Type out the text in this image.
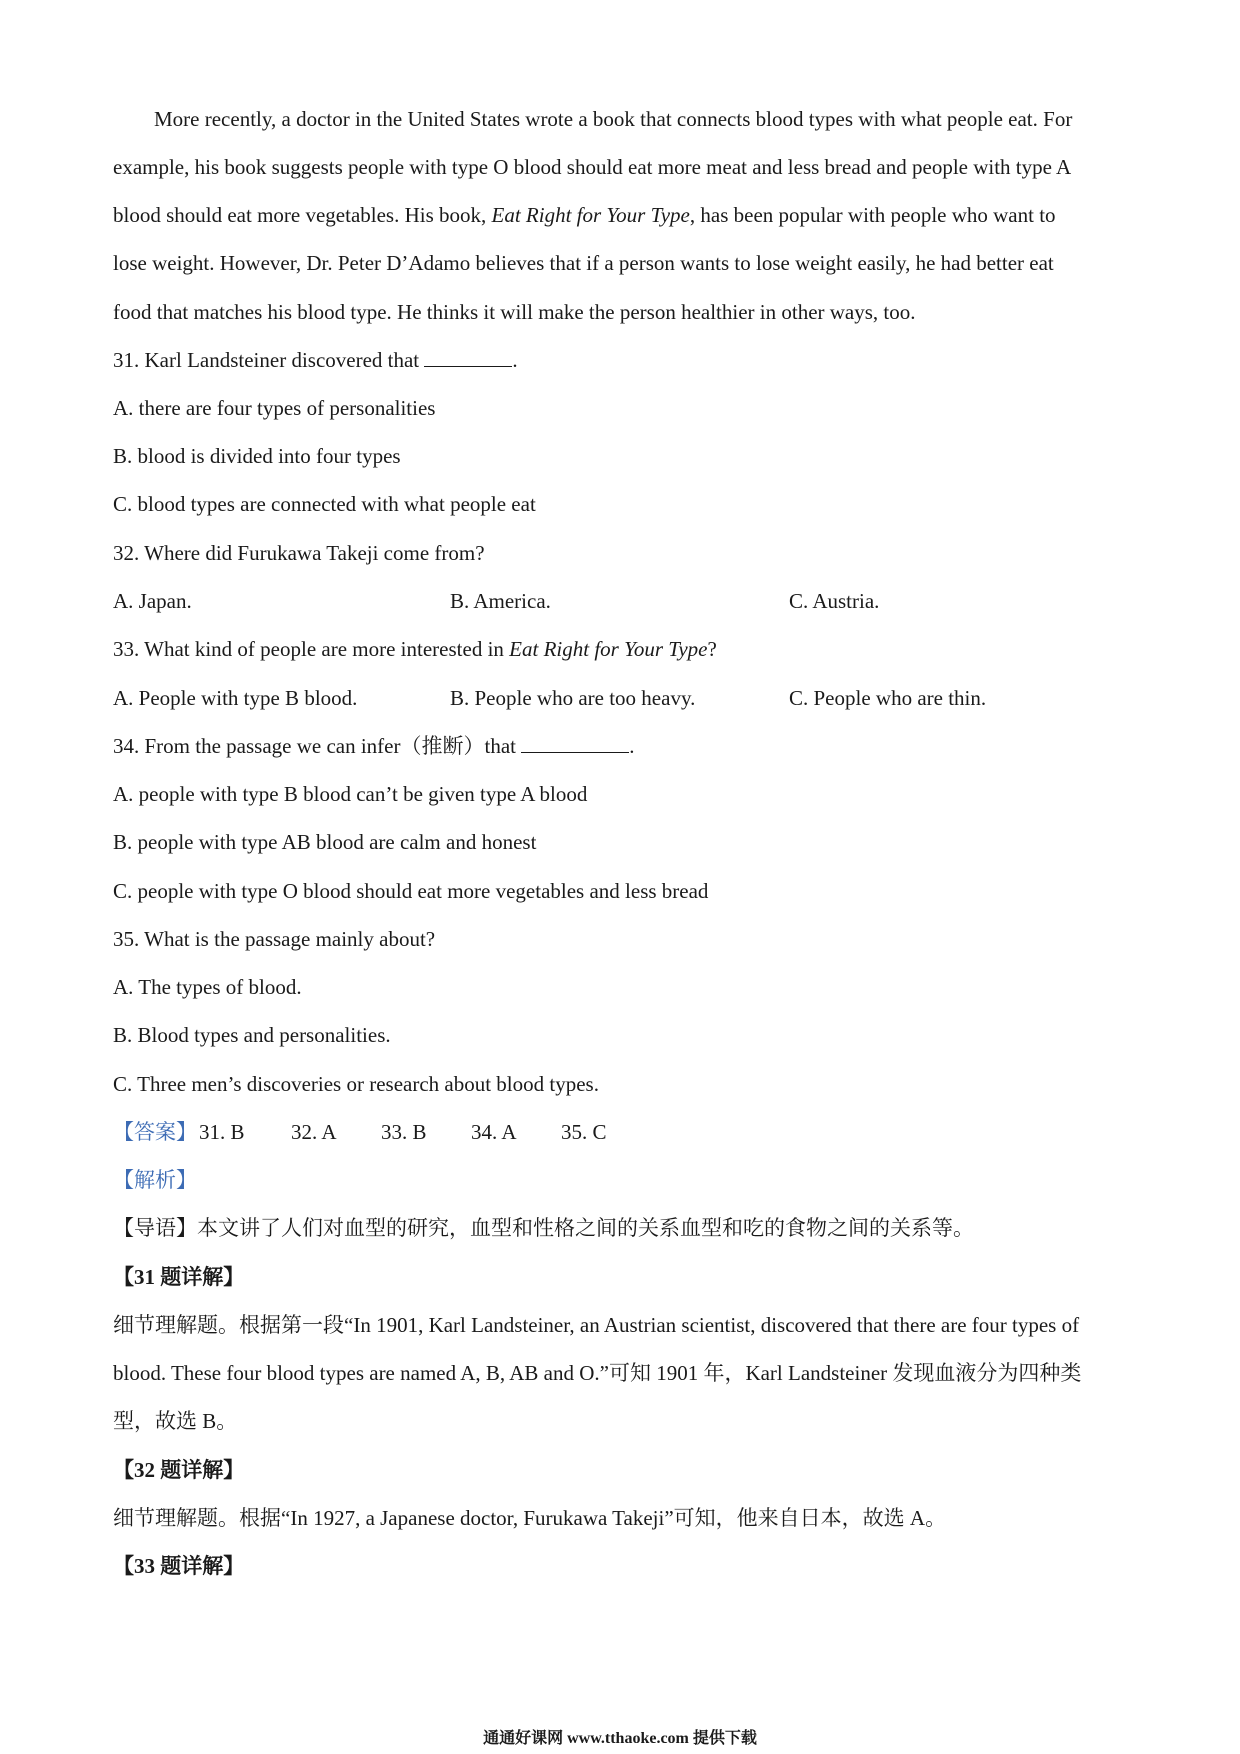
More recently, a doctor in the United States wrote a book that connects blood types with what people eat. For
example, his book suggests people with type O blood should eat more meat and less bread and people with type A
blood should eat more vegetables. His book, Eat Right for Your Type, has been popular with people who want to
lose weight. However, Dr. Peter D’Adamo believes that if a person wants to lose weight easily, he had better eat
food that matches his blood type. He thinks it will make the person healthier in other ways, too.
31. Karl Landsteiner discovered that	.
A. there are four types of personalities
B. blood is divided into four types
C. blood types are connected with what people eat
32. Where did Furukawa Takeji come from?
A. Japan.	B. America.	C. Austria.
33. What kind of people are more interested in Eat Right for Your Type?
A. People with type B blood.	B. People who are too heavy.	C. People who are thin.
34. From the passage we can infer（推断）that	.
A. people with type B blood can’t be given type A blood
B. people with type AB blood are calm and honest
C. people with type O blood should eat more vegetables and less bread
35. What is the passage mainly about?
A. The types of blood.
B. Blood types and personalities.
C. Three men’s discoveries or research about blood types.
【答案】 31. B 32. A 33. B 34. A 35. C
【解析】
【导语】本文讲了人们对血型的研究，血型和性格之间的关系血型和吃的食物之间的关系等。
【31 题详解】
细节理解题。根据第一段“In 1901, Karl Landsteiner, an Austrian scientist, discovered that there are four types of
blood. These four blood types are named A, B, AB and O.”可知 1901 年，Karl Landsteiner 发现血液分为四种类
型，故选 B。
【32 题详解】
细节理解题。根据“In 1927, a Japanese doctor, Furukawa Takeji”可知，他来自日本，故选 A。
【33 题详解】
通通好课网 www.tthaoke.com 提供下载
